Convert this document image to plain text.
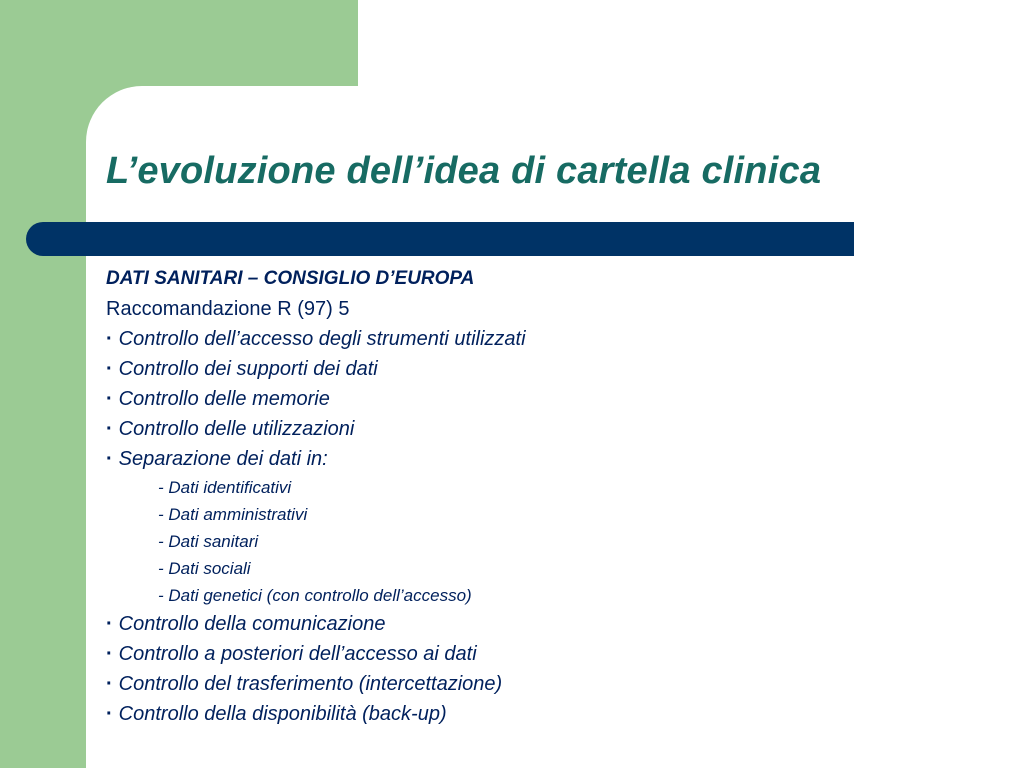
L’evoluzione dell’idea di cartella clinica
DATI SANITARI – CONSIGLIO D’EUROPA
Raccomandazione R (97) 5
· Controllo dell’accesso degli strumenti utilizzati
· Controllo dei supporti dei dati
· Controllo delle memorie
· Controllo delle utilizzazioni
· Separazione dei dati in:
- Dati identificativi
- Dati amministrativi
- Dati sanitari
- Dati sociali
- Dati genetici (con controllo dell’accesso)
· Controllo della comunicazione
· Controllo a posteriori dell’accesso ai dati
· Controllo del trasferimento (intercettazione)
· Controllo della disponibilità (back-up)
